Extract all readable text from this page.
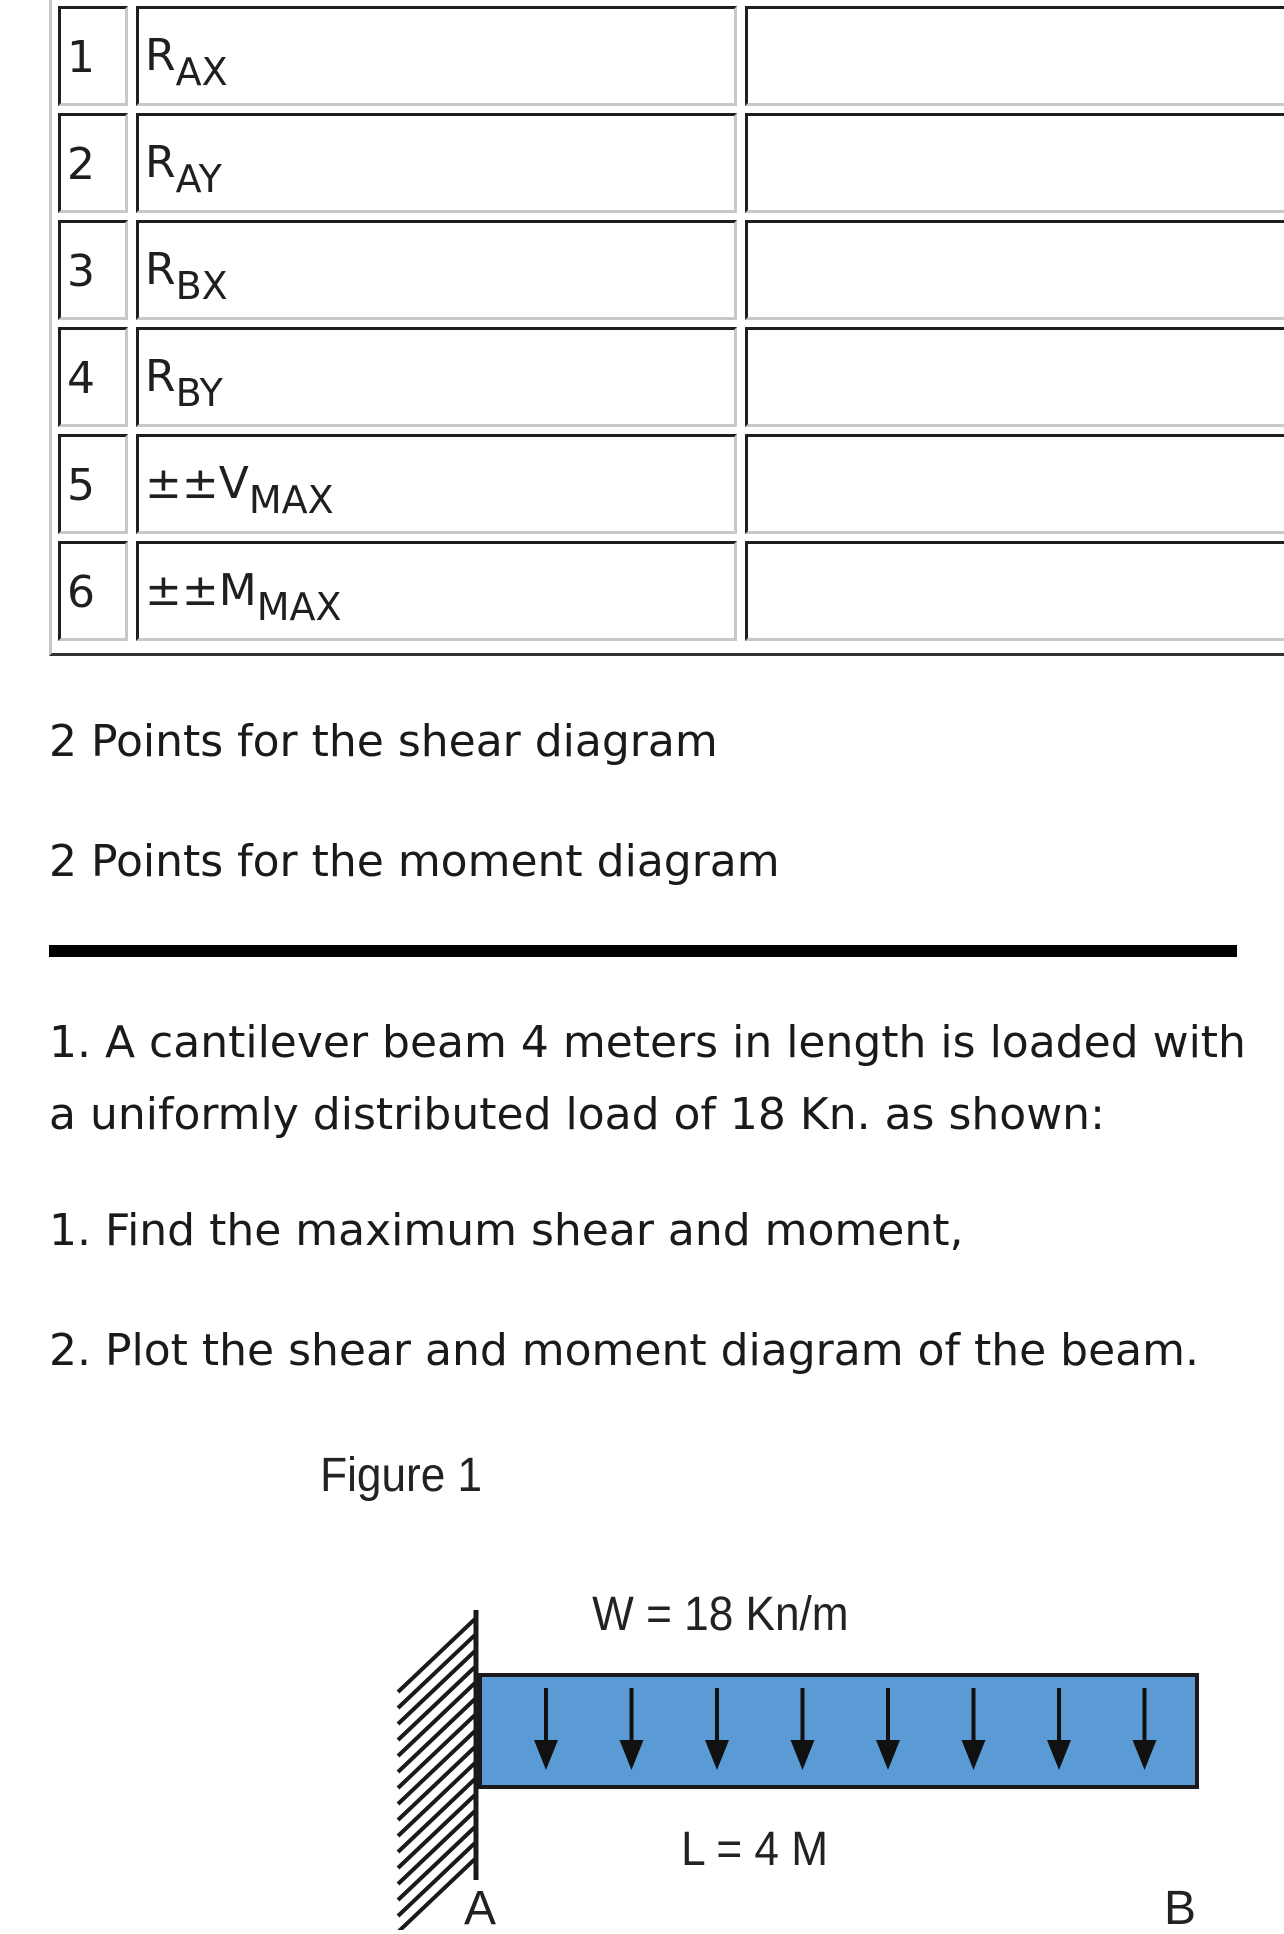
1 RAX
2 RAY
3 RBX
4 RBY
5 ±±VMAX
6 ±±MMAX
2 Points for the shear diagram
2 Points for the moment diagram
1. A cantilever beam 4 meters in length is loaded with a uniformly distributed load of 18 Kn. as shown:
1. Find the maximum shear and moment,
2. Plot the shear and moment diagram of the beam.
Figure 1
W = 18 Kn/m
L = 4 M
A	B
